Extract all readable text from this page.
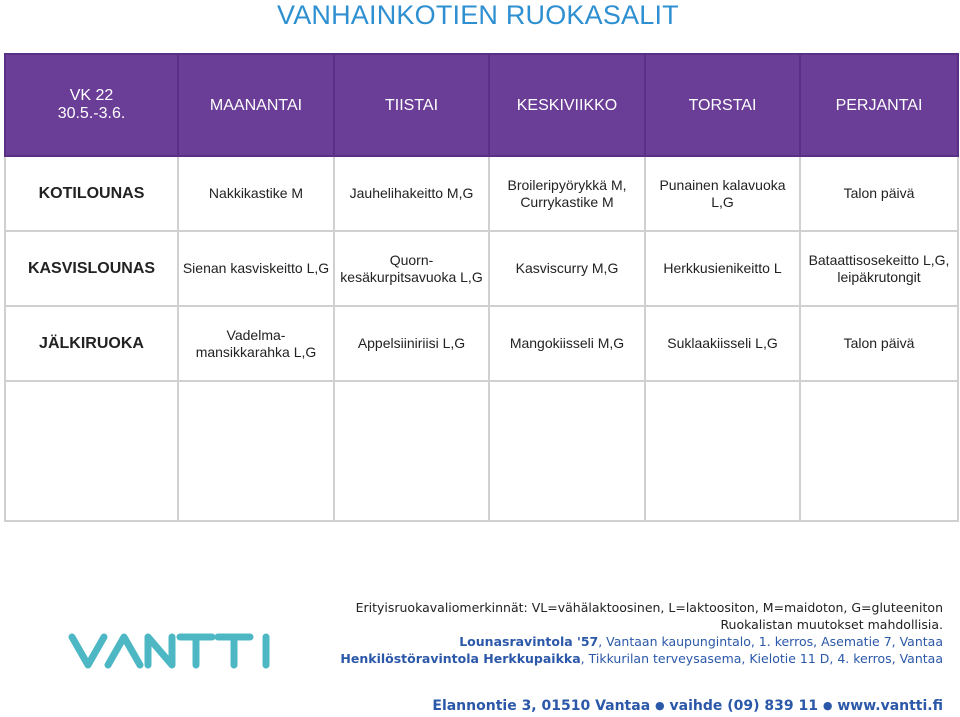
VANHAINKOTIEN RUOKASALIT
VK 22
30.5.-3.6.	MAANANTAI	TIISTAI	KESKIVIIKKO	TORSTAI	PERJANTAI
KOTILOUNAS	Nakkikastike M	Jauhelihakeitto M,G	Broileripyörykkä M,
Currykastike M	Punainen kalavuoka
L,G	Talon päivä
KASVISLOUNAS	Sienan kasviskeitto L,G	Quorn-
kesäkurpitsavuoka L,G	Kasviscurry M,G	Herkkusienikeitto L	Bataattisosekeitto L,G,
leipäkrutongit
JÄLKIRUOKA	Vadelma-
mansikkarahka L,G	Appelsiiniriisi L,G	Mangokiisseli M,G	Suklaakiisseli L,G	Talon päivä

VANTTI
Erityisruokavaliomerkinnät: VL=vähälaktoosinen, L=laktoositon, M=maidoton, G=gluteeniton
Ruokalistan muutokset mahdollisia.
Lounasravintola '57, Vantaan kaupungintalo, 1. kerros, Asematie 7, Vantaa
Henkilöstöravintola Herkkupaikka, Tikkurilan terveysasema, Kielotie 11 D, 4. kerros, Vantaa
Elannontie 3, 01510 Vantaa ● vaihde (09) 839 11 ● www.vantti.fi
